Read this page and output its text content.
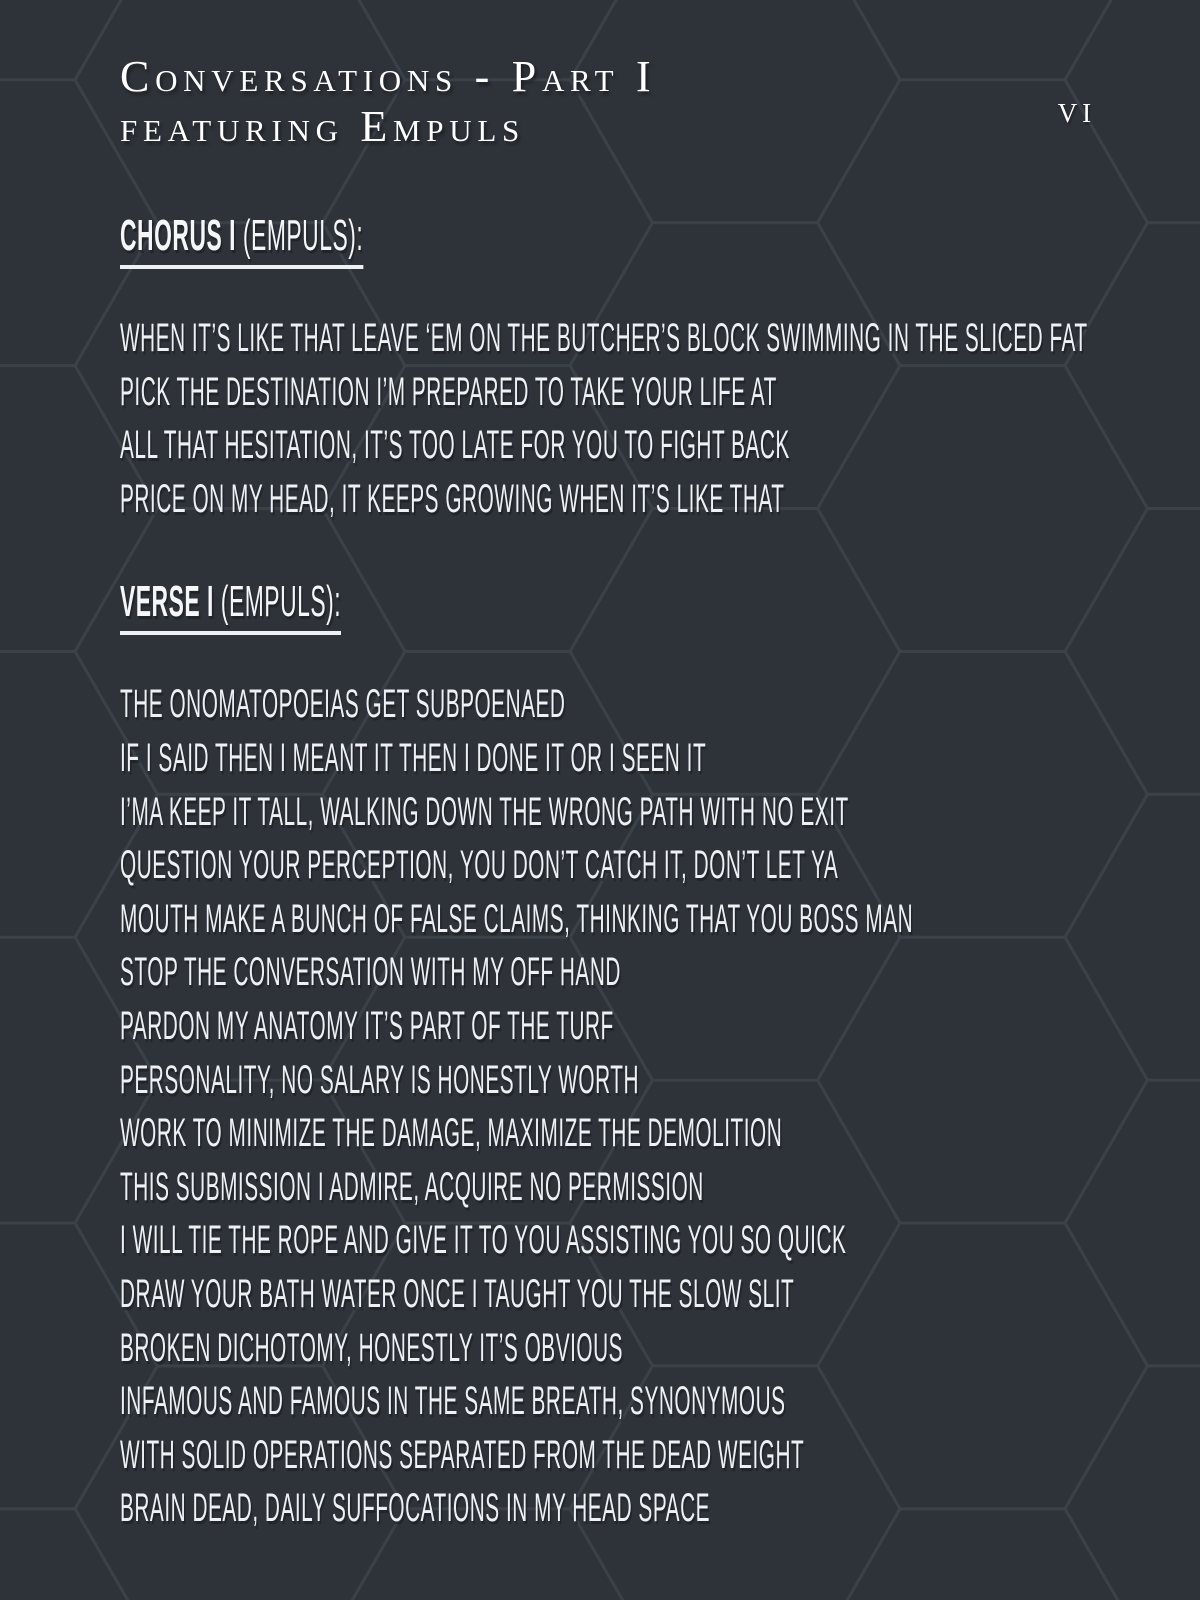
Conversations - Part I
featuring Empuls	VI
CHORUS I (EMPULS):

WHEN IT’S LIKE THAT LEAVE ‘EM ON THE BUTCHER’S BLOCK SWIMMING IN THE SLICED FAT

PICK THE DESTINATION I’M PREPARED TO TAKE YOUR LIFE AT

ALL THAT HESITATION, IT’S TOO LATE FOR YOU TO FIGHT BACK

PRICE ON MY HEAD, IT KEEPS GROWING WHEN IT’S LIKE THAT

VERSE I (EMPULS):

THE ONOMATOPOEIAS GET SUBPOENAED

IF I SAID THEN I MEANT IT THEN I DONE IT OR I SEEN IT

I’MA KEEP IT TALL, WALKING DOWN THE WRONG PATH WITH NO EXIT

QUESTION YOUR PERCEPTION, YOU DON’T CATCH IT, DON’T LET YA

MOUTH MAKE A BUNCH OF FALSE CLAIMS, THINKING THAT YOU BOSS MAN

STOP THE CONVERSATION WITH MY OFF HAND

PARDON MY ANATOMY IT’S PART OF THE TURF

PERSONALITY, NO SALARY IS HONESTLY WORTH

WORK TO MINIMIZE THE DAMAGE, MAXIMIZE THE DEMOLITION

THIS SUBMISSION I ADMIRE, ACQUIRE NO PERMISSION

I WILL TIE THE ROPE AND GIVE IT TO YOU ASSISTING YOU SO QUICK

DRAW YOUR BATH WATER ONCE I TAUGHT YOU THE SLOW SLIT

BROKEN DICHOTOMY, HONESTLY IT’S OBVIOUS

INFAMOUS AND FAMOUS IN THE SAME BREATH, SYNONYMOUS

WITH SOLID OPERATIONS SEPARATED FROM THE DEAD WEIGHT

BRAIN DEAD, DAILY SUFFOCATIONS IN MY HEAD SPACE
